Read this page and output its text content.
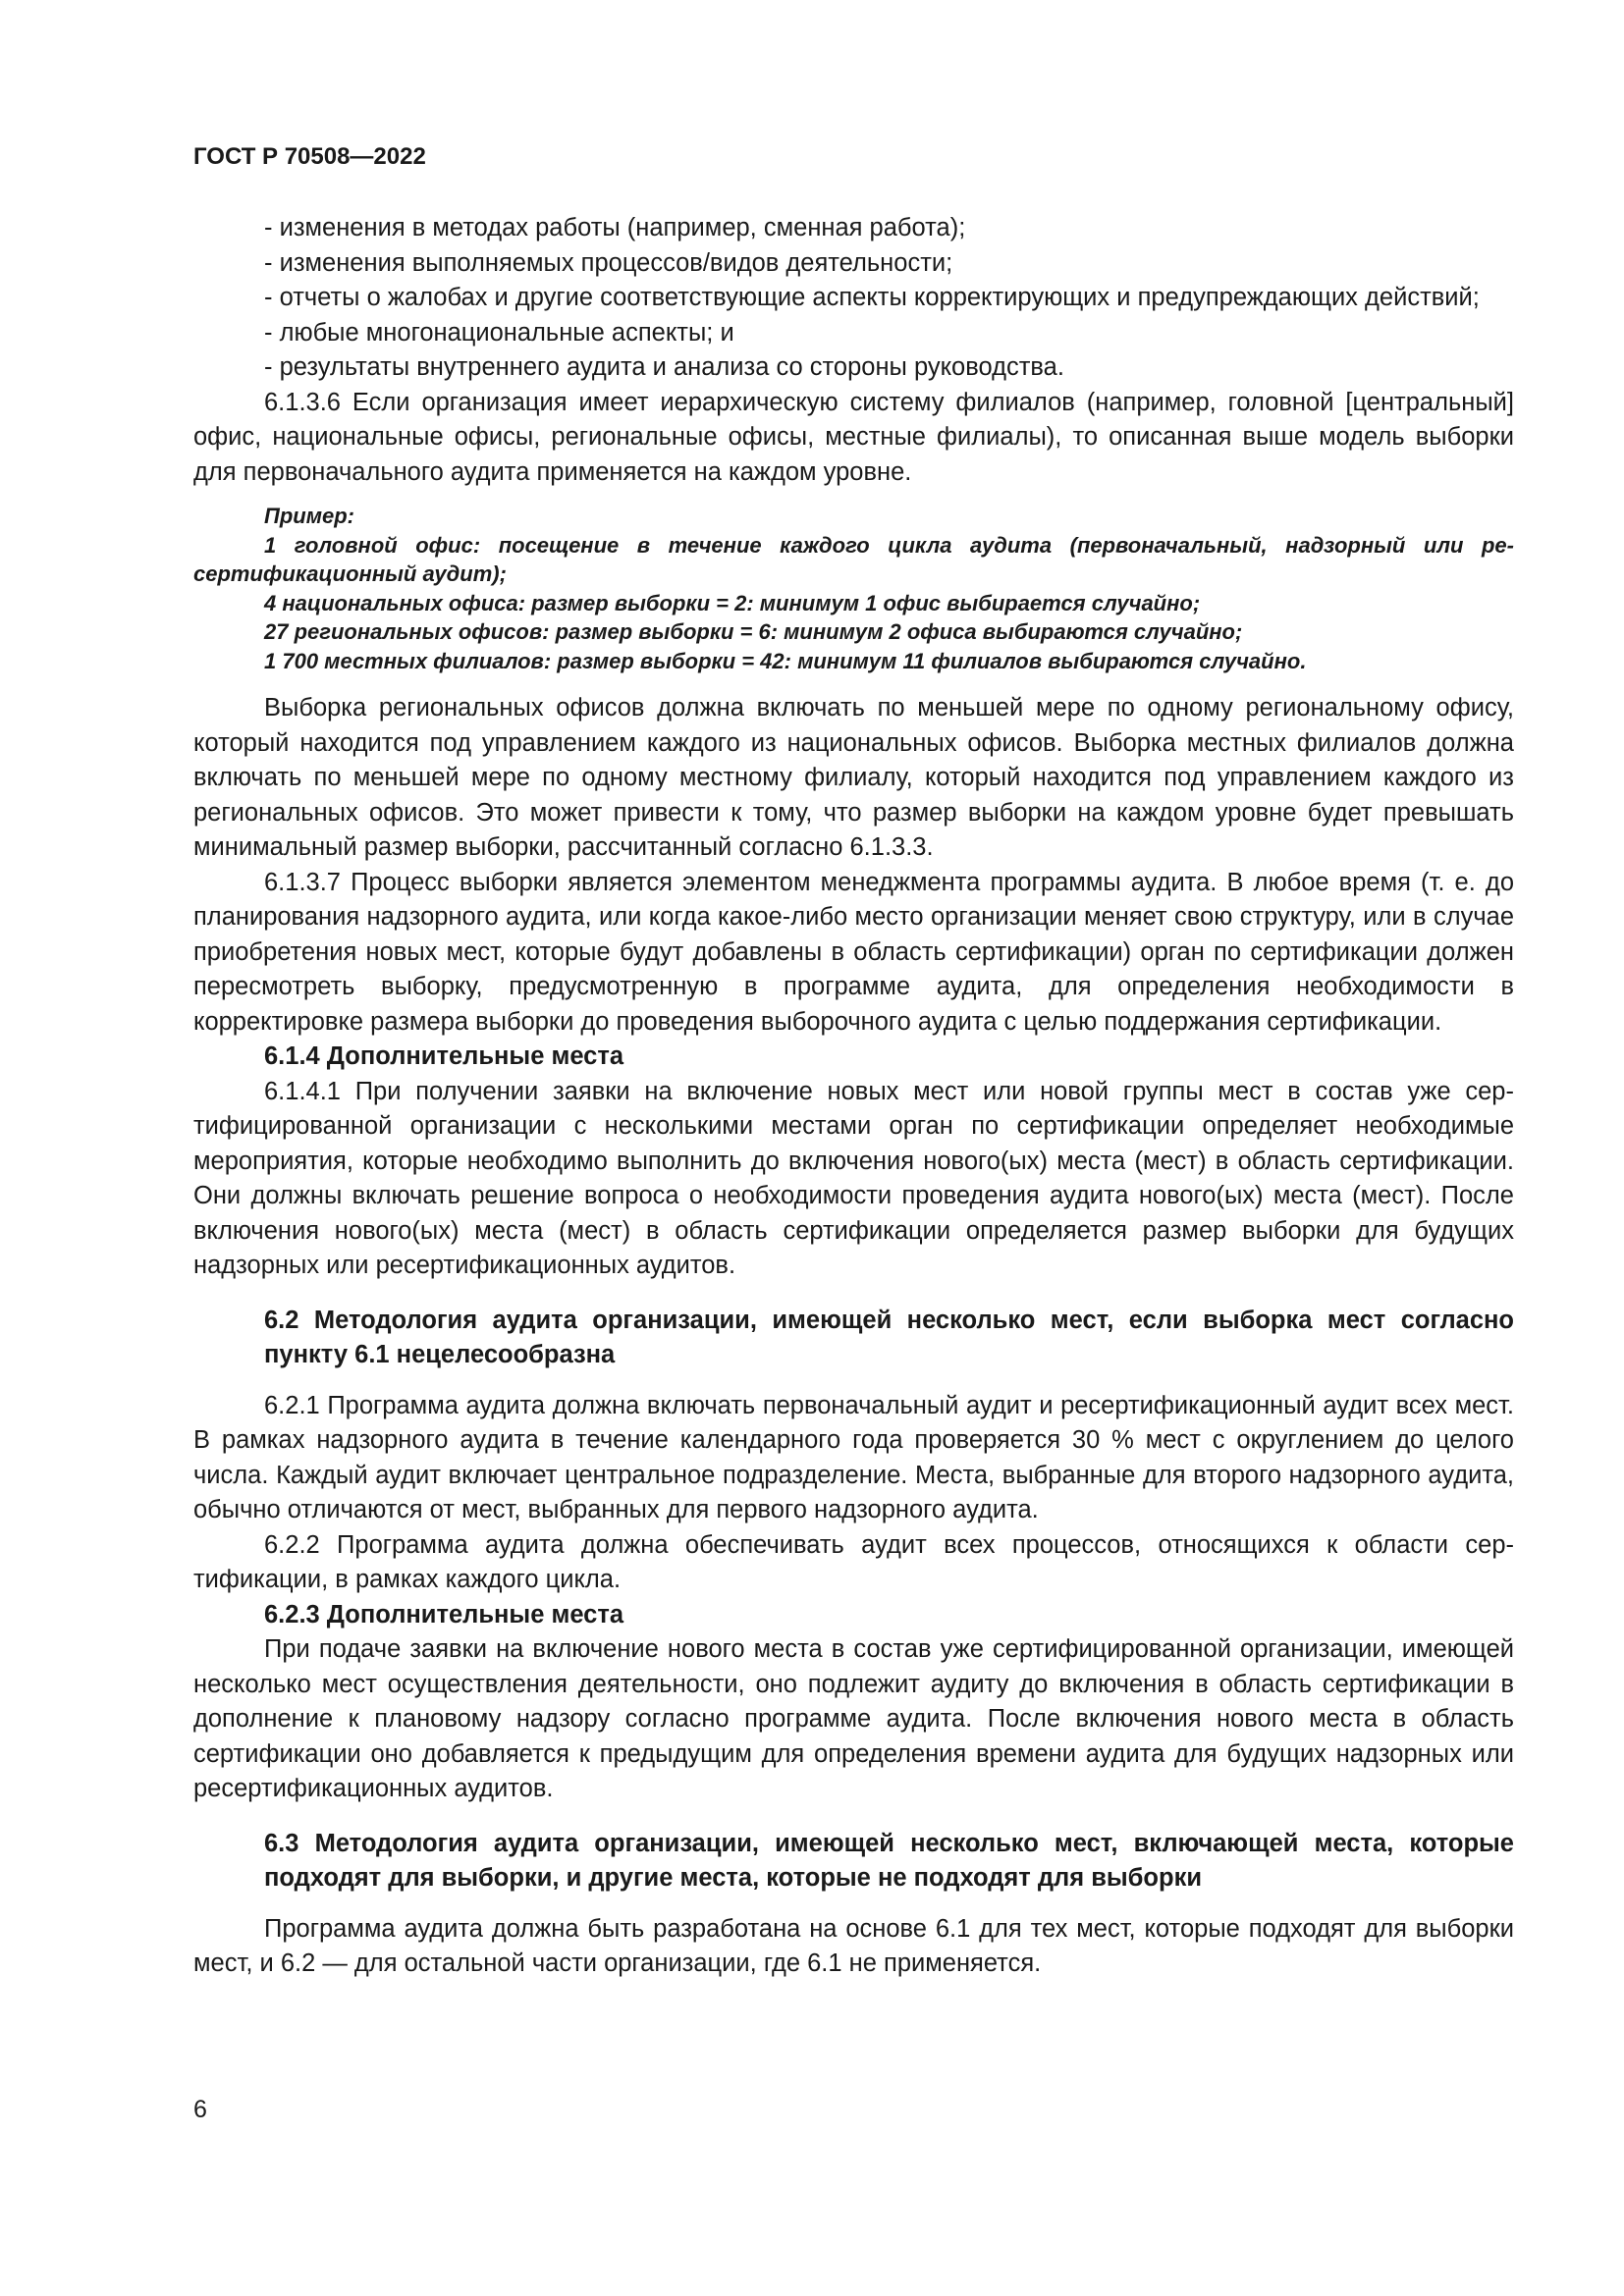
ГОСТ Р 70508—2022

- изменения в методах работы (например, сменная работа);

- изменения выполняемых процессов/видов деятельности;

- отчеты о жалобах и другие соответствующие аспекты корректирующих и предупреждающих действий;

- любые многонациональные аспекты; и

- результаты внутреннего аудита и анализа со стороны руководства.

6.1.3.6 Если организация имеет иерархическую систему филиалов (например, головной [центральный] офис, национальные офисы, региональные офисы, местные филиалы), то описанная выше модель выборки для первоначального аудита применяется на каждом уровне.

Пример:

1 головной офис: посещение в течение каждого цикла аудита (первоначальный, надзорный или ресертификационный аудит);

4 национальных офиса: размер выборки = 2: минимум 1 офис выбирается случайно;

27 региональных офисов: размер выборки = 6: минимум 2 офиса выбираются случайно;

1 700 местных филиалов: размер выборки = 42: минимум 11 филиалов выбираются случайно.

Выборка региональных офисов должна включать по меньшей мере по одному региональному офису, который находится под управлением каждого из национальных офисов. Выборка местных филиалов должна включать по меньшей мере по одному местному филиалу, который находится под управлением каждого из региональных офисов. Это может привести к тому, что размер выборки на каждом уровне будет превышать минимальный размер выборки, рассчитанный согласно 6.1.3.3.

6.1.3.7 Процесс выборки является элементом менеджмента программы аудита. В любое время (т. е. до планирования надзорного аудита, или когда какое-либо место организации меняет свою структуру, или в случае приобретения новых мест, которые будут добавлены в область сертификации) орган по сертификации должен пересмотреть выборку, предусмотренную в программе аудита, для определения необходимости в корректировке размера выборки до проведения выборочного аудита с целью поддержания сертификации.

6.1.4 Дополнительные места

6.1.4.1 При получении заявки на включение новых мест или новой группы мест в состав уже сертифицированной организации с несколькими местами орган по сертификации определяет необходимые мероприятия, которые необходимо выполнить до включения нового(ых) места (мест) в область сертификации. Они должны включать решение вопроса о необходимости проведения аудита нового(ых) места (мест). После включения нового(ых) места (мест) в область сертификации определяется размер выборки для будущих надзорных или ресертификационных аудитов.

6.2 Методология аудита организации, имеющей несколько мест, если выборка мест согласно пункту 6.1 нецелесообразна

6.2.1 Программа аудита должна включать первоначальный аудит и ресертификационный аудит всех мест. В рамках надзорного аудита в течение календарного года проверяется 30 % мест с округлением до целого числа. Каждый аудит включает центральное подразделение. Места, выбранные для второго надзорного аудита, обычно отличаются от мест, выбранных для первого надзорного аудита.

6.2.2 Программа аудита должна обеспечивать аудит всех процессов, относящихся к области сертификации, в рамках каждого цикла.

6.2.3 Дополнительные места

При подаче заявки на включение нового места в состав уже сертифицированной организации, имеющей несколько мест осуществления деятельности, оно подлежит аудиту до включения в область сертификации в дополнение к плановому надзору согласно программе аудита. После включения нового места в область сертификации оно добавляется к предыдущим для определения времени аудита для будущих надзорных или ресертификационных аудитов.

6.3 Методология аудита организации, имеющей несколько мест, включающей места, которые подходят для выборки, и другие места, которые не подходят для выборки

Программа аудита должна быть разработана на основе 6.1 для тех мест, которые подходят для выборки мест, и 6.2 — для остальной части организации, где 6.1 не применяется.

6
